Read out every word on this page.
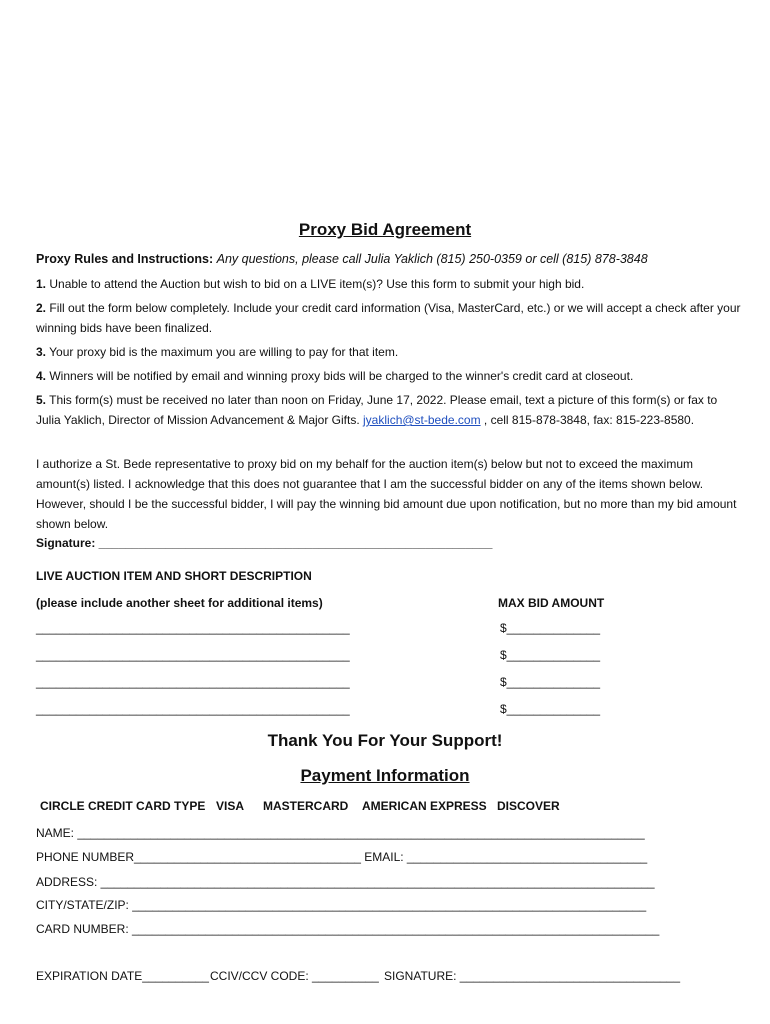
Proxy Bid Agreement
Proxy Rules and Instructions: Any questions, please call Julia Yaklich (815) 250-0359 or cell (815) 878-3848
1. Unable to attend the Auction but wish to bid on a LIVE item(s)? Use this form to submit your high bid.
2. Fill out the form below completely. Include your credit card information (Visa, MasterCard, etc.) or we will accept a check after your winning bids have been finalized.
3. Your proxy bid is the maximum you are willing to pay for that item.
4. Winners will be notified by email and winning proxy bids will be charged to the winner's credit card at closeout.
5. This form(s) must be received no later than noon on Friday, June 17, 2022. Please email, text a picture of this form(s) or fax to Julia Yaklich, Director of Mission Advancement & Major Gifts. jyaklich@st-bede.com , cell 815-878-3848, fax: 815-223-8580.
I authorize a St. Bede representative to proxy bid on my behalf for the auction item(s) below but not to exceed the maximum amount(s) listed. I acknowledge that this does not guarantee that I am the successful bidder on any of the items shown below. However, should I be the successful bidder, I will pay the winning bid amount due upon notification, but no more than my bid amount shown below.
Signature: ___________________________________________________________
LIVE AUCTION ITEM AND SHORT DESCRIPTION
(please include another sheet for additional items)	MAX BID AMOUNT
_______________________________________________	$______________
_______________________________________________	$______________
_______________________________________________	$______________
_______________________________________________	$______________
Thank You For Your Support!
Payment Information
CIRCLE CREDIT CARD TYPE VISA MASTERCARD AMERICAN EXPRESS DISCOVER
NAME: _____________________________________________________________________________________
PHONE NUMBER__________________________________ EMAIL: ____________________________________
ADDRESS: ___________________________________________________________________________________
CITY/STATE/ZIP: _____________________________________________________________________________
CARD NUMBER: _______________________________________________________________________________
EXPIRATION DATE__________ CCIV/CCV CODE: __________ SIGNATURE: _________________________________
